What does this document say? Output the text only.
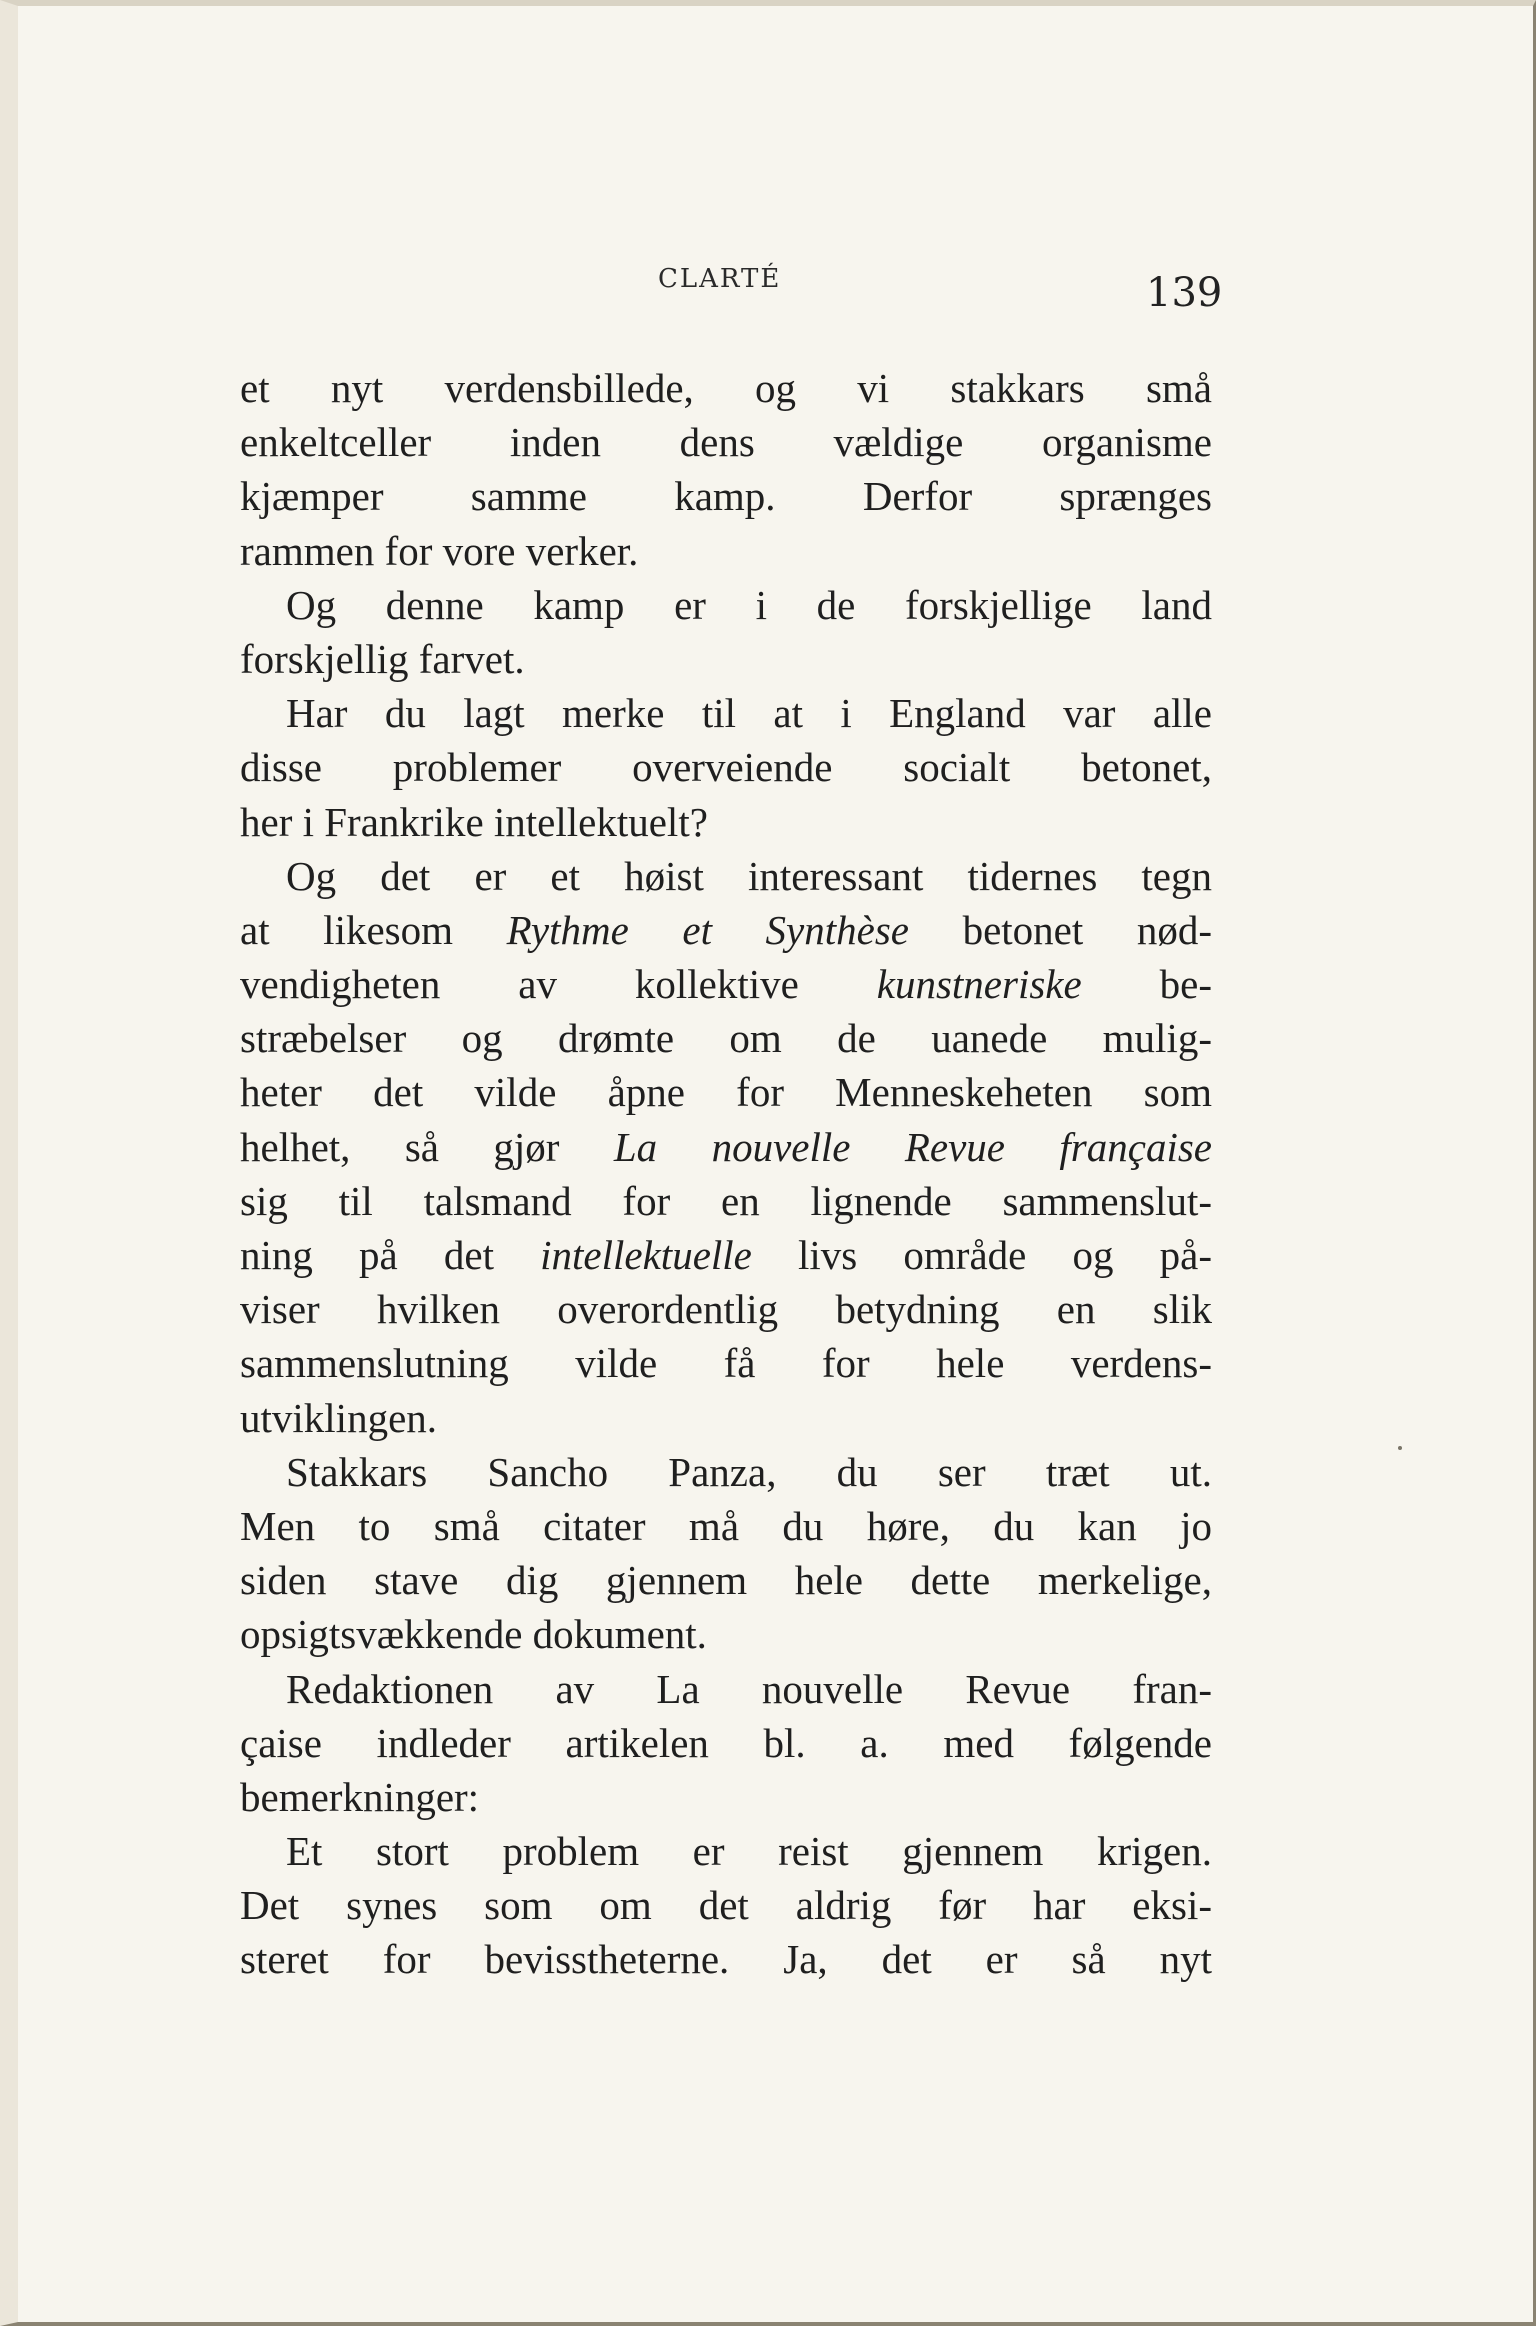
CLARTÉ	139
et nyt verdensbillede, og vi stakkars små
enkeltceller inden dens vældige organisme
kjæmper samme kamp. Derfor sprænges
rammen for vore verker.
Og denne kamp er i de forskjellige land
forskjellig farvet.
Har du lagt merke til at i England var alle
disse problemer overveiende socialt betonet,
her i Frankrike intellektuelt?
Og det er et høist interessant tidernes tegn
at likesom Rythme et Synthèse betonet nød-
vendigheten av kollektive kunstneriske be-
stræbelser og drømte om de uanede mulig-
heter det vilde åpne for Menneskeheten som
helhet, så gjør La nouvelle Revue française
sig til talsmand for en lignende sammenslut-
ning på det intellektuelle livs område og på-
viser hvilken overordentlig betydning en slik
sammenslutning vilde få for hele verdens-
utviklingen.
Stakkars Sancho Panza, du ser træt ut.
Men to små citater må du høre, du kan jo
siden stave dig gjennem hele dette merkelige,
opsigtsvækkende dokument.
Redaktionen av La nouvelle Revue fran-
çaise indleder artikelen bl. a. med følgende
bemerkninger:
Et stort problem er reist gjennem krigen.
Det synes som om det aldrig før har eksi-
steret for bevisstheterne. Ja, det er så nyt
